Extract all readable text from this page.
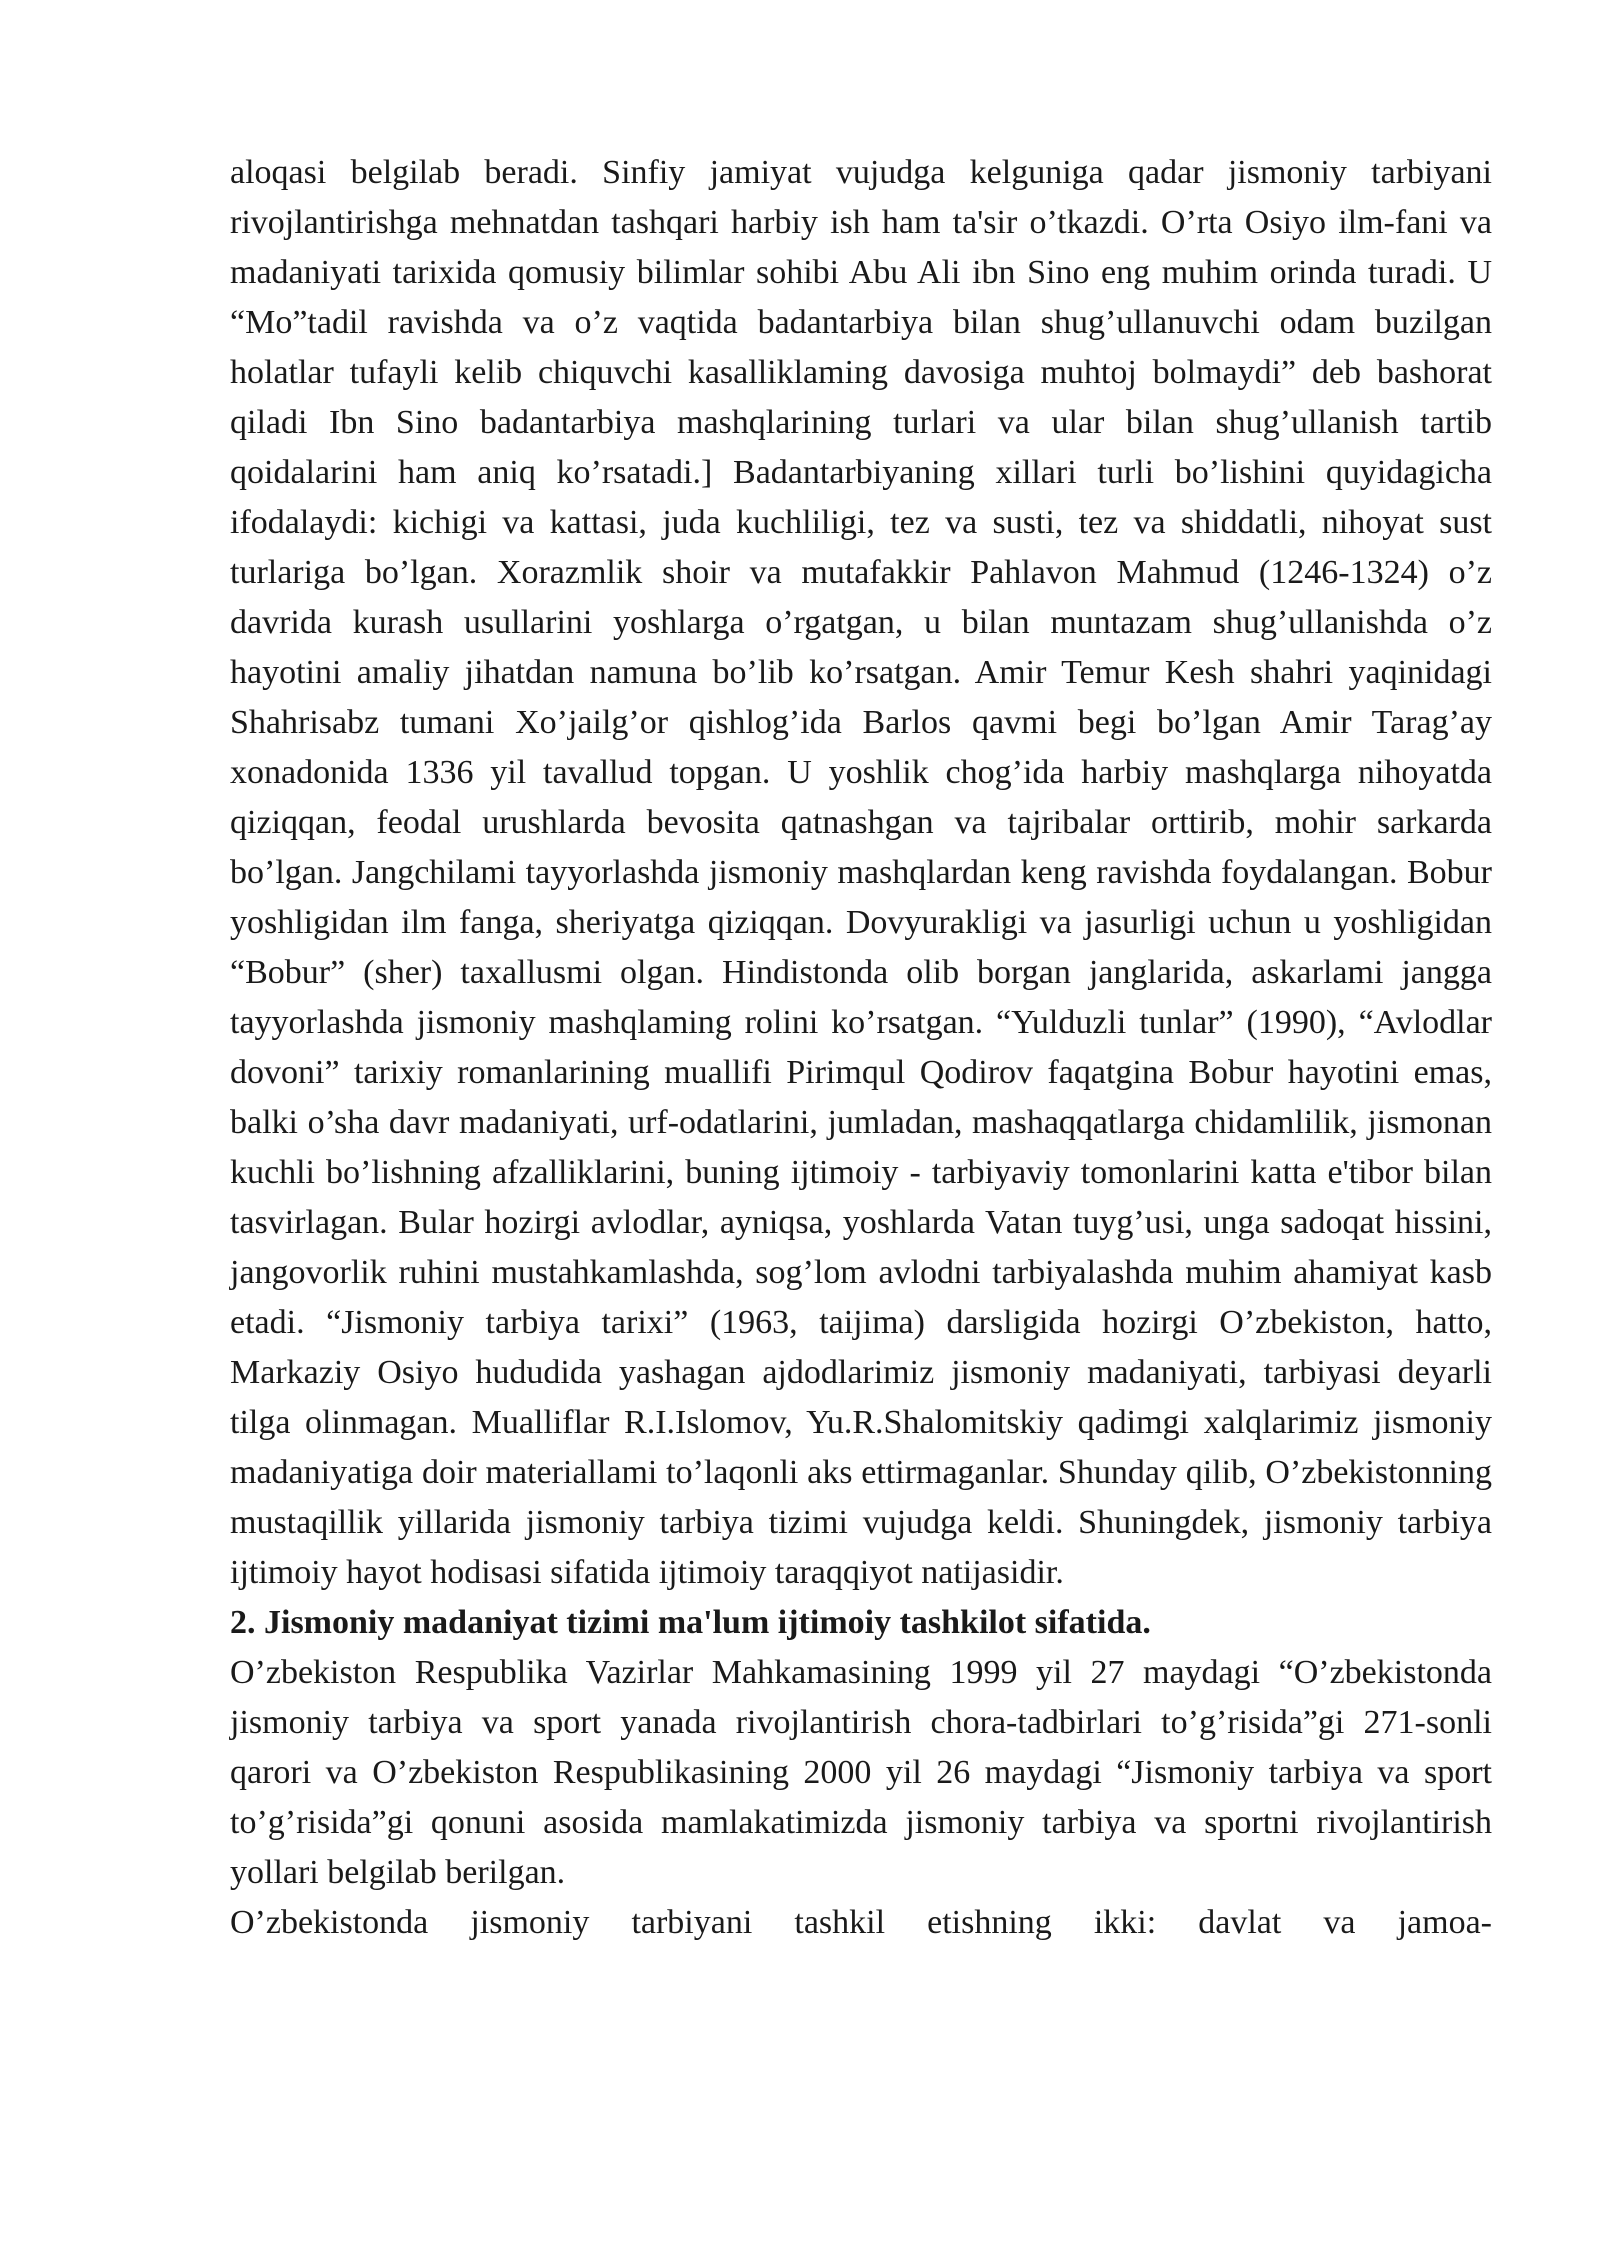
aloqasi belgilab beradi. Sinfiy jamiyat vujudga kelguniga qadar jismoniy tarbiyani rivojlantirishga mehnatdan tashqari harbiy ish ham ta'sir o’tkazdi. O’rta Osiyo ilm-fani va madaniyati tarixida qomusiy bilimlar sohibi Abu Ali ibn Sino eng muhim orinda turadi. U “Mo”tadil ravishda va o’z vaqtida badantarbiya bilan shug’ullanuvchi odam buzilgan holatlar tufayli kelib chiquvchi kasalliklaming davosiga muhtoj bolmaydi” deb bashorat qiladi Ibn Sino badantarbiya mashqlarining turlari va ular bilan shug’ullanish tartib qoidalarini ham aniq ko’rsatadi.] Badantarbiyaning xillari turli bo’lishini quyidagicha ifodalaydi: kichigi va kattasi, juda kuchliligi, tez va susti, tez va shiddatli, nihoyat sust turlariga bo’lgan. Xorazmlik shoir va mutafakkir Pahlavon Mahmud (1246-1324) o’z davrida kurash usullarini yoshlarga o’rgatgan, u bilan muntazam shug’ullanishda o’z hayotini amaliy jihatdan namuna bo’lib ko’rsatgan. Amir Temur Kesh shahri yaqinidagi Shahrisabz tumani Xo’jailg’or qishlog’ida Barlos qavmi begi bo’lgan Amir Tarag’ay xonadonida 1336 yil tavallud topgan. U yoshlik chog’ida harbiy mashqlarga nihoyatda qiziqqan, feodal urushlarda bevosita qatnashgan va tajribalar orttirib, mohir sarkarda bo’lgan. Jangchilami tayyorlashda jismoniy mashqlardan keng ravishda foydalangan. Bobur yoshligidan ilm fanga, sheriyatga qiziqqan. Dovyurakligi va jasurligi uchun u yoshligidan “Bobur” (sher) taxallusmi olgan. Hindistonda olib borgan janglarida, askarlami jangga tayyorlashda jismoniy mashqlaming rolini ko’rsatgan. “Yulduzli tunlar” (1990), “Avlodlar dovoni” tarixiy romanlarining muallifi Pirimqul Qodirov faqatgina Bobur hayotini emas, balki o’sha davr madaniyati, urf-odatlarini, jumladan, mashaqqatlarga chidamlilik, jismonan kuchli bo’lishning afzalliklarini, buning ijtimoiy - tarbiyaviy tomonlarini katta e'tibor bilan tasvirlagan. Bular hozirgi avlodlar, ayniqsa, yoshlarda Vatan tuyg’usi, unga sadoqat hissini, jangovorlik ruhini mustahkamlashda, sog’lom avlodni tarbiyalashda muhim ahamiyat kasb etadi. “Jismoniy tarbiya tarixi” (1963, taijima) darsligida hozirgi O’zbekiston, hatto, Markaziy Osiyo hududida yashagan ajdodlarimiz jismoniy madaniyati, tarbiyasi deyarli tilga olinmagan. Mualliflar R.I.Islomov, Yu.R.Shalomitskiy qadimgi xalqlarimiz jismoniy madaniyatiga doir materiallami to’laqonli aks ettirmaganlar. Shunday qilib, O’zbekistonning mustaqillik yillarida jismoniy tarbiya tizimi vujudga keldi. Shuningdek, jismoniy tarbiya ijtimoiy hayot hodisasi sifatida ijtimoiy taraqqiyot natijasidir.

2. Jismoniy madaniyat tizimi ma'lum ijtimoiy tashkilot sifatida.

O’zbekiston Respublika Vazirlar Mahkamasining 1999 yil 27 maydagi “O’zbekistonda jismoniy tarbiya va sport yanada rivojlantirish chora-tadbirlari to’g’risida”gi 271-sonli qarori va O’zbekiston Respublikasining 2000 yil 26 maydagi “Jismoniy tarbiya va sport to’g’risida”gi qonuni asosida mamlakatimizda jismoniy tarbiya va sportni rivojlantirish yollari belgilab berilgan.

O’zbekistonda jismoniy tarbiyani tashkil etishning ikki: davlat va jamoa-
